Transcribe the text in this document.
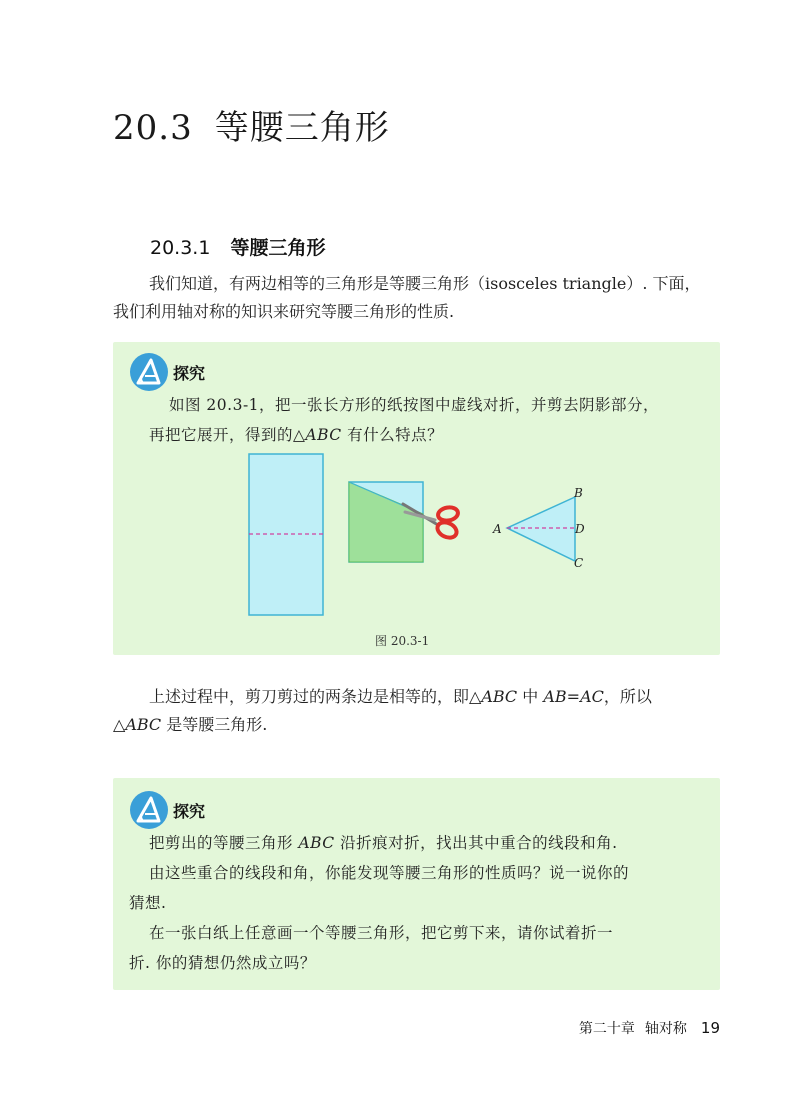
20.3 等腰三角形
20.3.1 等腰三角形
我们知道，有两边相等的三角形是等腰三角形（isosceles triangle）. 下面，
我们利用轴对称的知识来研究等腰三角形的性质.
探究
如图 20.3-1，把一张长方形的纸按图中虚线对折，并剪去阴影部分，
再把它展开，得到的△ABC 有什么特点？
A
B
D
C
图 20.3-1
上述过程中，剪刀剪过的两条边是相等的，即△ABC 中 AB=AC，所以
△ABC 是等腰三角形.
探究
把剪出的等腰三角形 ABC 沿折痕对折，找出其中重合的线段和角.
由这些重合的线段和角，你能发现等腰三角形的性质吗？说一说你的
猜想.
在一张白纸上任意画一个等腰三角形，把它剪下来，请你试着折一
折. 你的猜想仍然成立吗？
第二十章 轴对称 19
